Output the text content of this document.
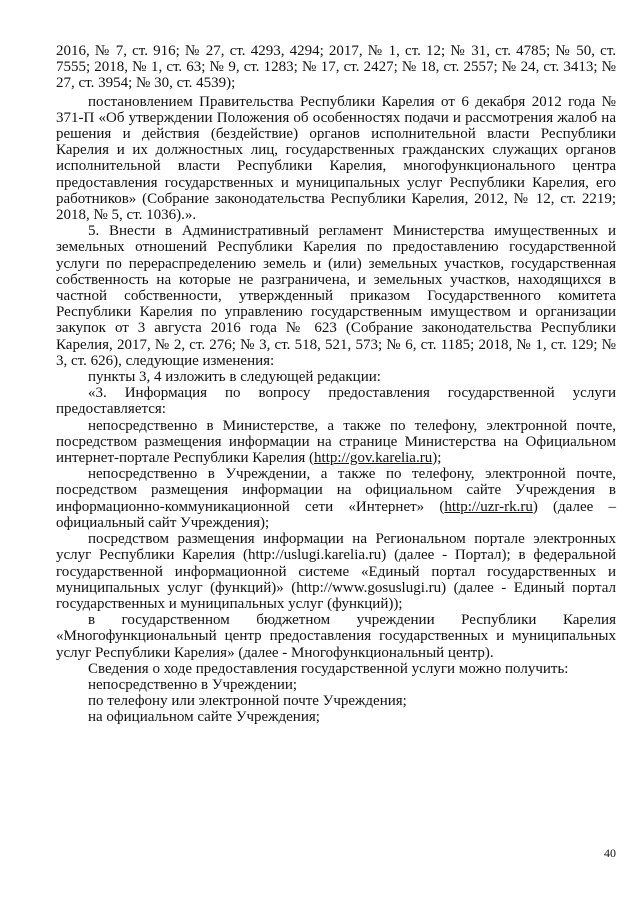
2016, № 7, ст. 916; № 27, ст. 4293, 4294; 2017, № 1, ст. 12; № 31, ст. 4785; № 50, ст. 7555; 2018, № 1, ст. 63; № 9, ст. 1283; № 17, ст. 2427; № 18, ст. 2557; № 24, ст. 3413; № 27, ст. 3954; № 30, ст. 4539);

постановлением Правительства Республики Карелия от 6 декабря 2012 года № 371-П «Об утверждении Положения об особенностях подачи и рассмотрения жалоб на решения и действия (бездействие) органов исполнительной власти Республики Карелия и их должностных лиц, государственных гражданских служащих органов исполнительной власти Республики Карелия, многофункционального центра предоставления государственных и муниципальных услуг Республики Карелия, его работников» (Собрание законодательства Республики Карелия, 2012, № 12, ст. 2219; 2018, № 5, ст. 1036).».

5. Внести в Административный регламент Министерства имущественных и земельных отношений Республики Карелия по предоставлению государственной услуги по перераспределению земель и (или) земельных участков, государственная собственность на которые не разграничена, и земельных участков, находящихся в частной собственности, утвержденный приказом Государственного комитета Республики Карелия по управлению государственным имуществом и организации закупок от 3 августа 2016 года № 623 (Собрание законодательства Республики Карелия, 2017, № 2, ст. 276; № 3, ст. 518, 521, 573; № 6, ст. 1185; 2018, № 1, ст. 129; № 3, ст. 626), следующие изменения:

пункты 3, 4 изложить в следующей редакции:

«3. Информация по вопросу предоставления государственной услуги предоставляется:

непосредственно в Министерстве, а также по телефону, электронной почте, посредством размещения информации на странице Министерства на Официальном интернет-портале Республики Карелия (http://gov.karelia.ru);

непосредственно в Учреждении, а также по телефону, электронной почте, посредством размещения информации на официальном сайте Учреждения в информационно-коммуникационной сети «Интернет» (http://uzr-rk.ru) (далее – официальный сайт Учреждения);

посредством размещения информации на Региональном портале электронных услуг Республики Карелия (http://uslugi.karelia.ru) (далее - Портал); в федеральной государственной информационной системе «Единый портал государственных и муниципальных услуг (функций)» (http://www.gosuslugi.ru) (далее - Единый портал государственных и муниципальных услуг (функций));

в государственном бюджетном учреждении Республики Карелия «Многофункциональный центр предоставления государственных и муниципальных услуг Республики Карелия» (далее - Многофункциональный центр).

Сведения о ходе предоставления государственной услуги можно получить:

непосредственно в Учреждении;

по телефону или электронной почте Учреждения;

на официальном сайте Учреждения;

40
